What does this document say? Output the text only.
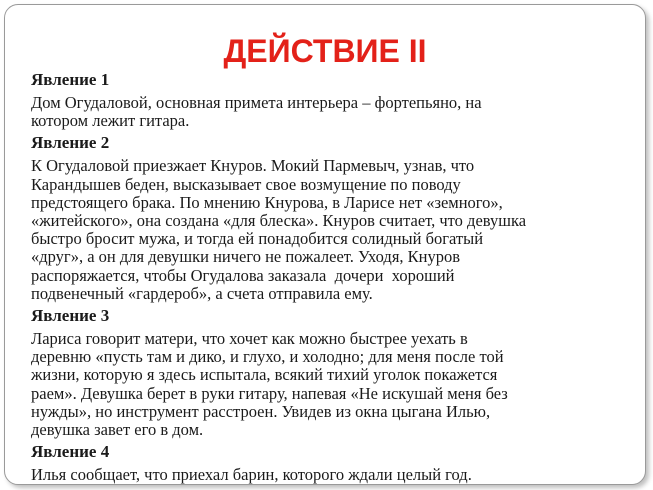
ДЕЙСТВИЕ II
Явление 1
Дом Огудаловой, основная примета интерьера – фортепьяно, на
котором лежит гитара.
Явление 2
К Огудаловой приезжает Кнуров. Мокий Пармевыч, узнав, что
Карандышев беден, высказывает свое возмущение по поводу
предстоящего брака. По мнению Кнурова, в Ларисе нет «земного»,
«житейского», она создана «для блеска». Кнуров считает, что девушка
быстро бросит мужа, и тогда ей понадобится солидный богатый
«друг», а он для девушки ничего не пожалеет. Уходя, Кнуров
распоряжается, чтобы Огудалова заказала  дочери  хороший
подвенечный «гардероб», а счета отправила ему.
Явление 3
Лариса говорит матери, что хочет как можно быстрее уехать в
деревню «пусть там и дико, и глухо, и холодно; для меня после той
жизни, которую я здесь испытала, всякий тихий уголок покажется
раем». Девушка берет в руки гитару, напевая «Не искушай меня без
нужды», но инструмент расстроен. Увидев из окна цыгана Илью,
девушка завет его в дом.
Явление 4
Илья сообщает, что приехал барин, которого ждали целый год.
